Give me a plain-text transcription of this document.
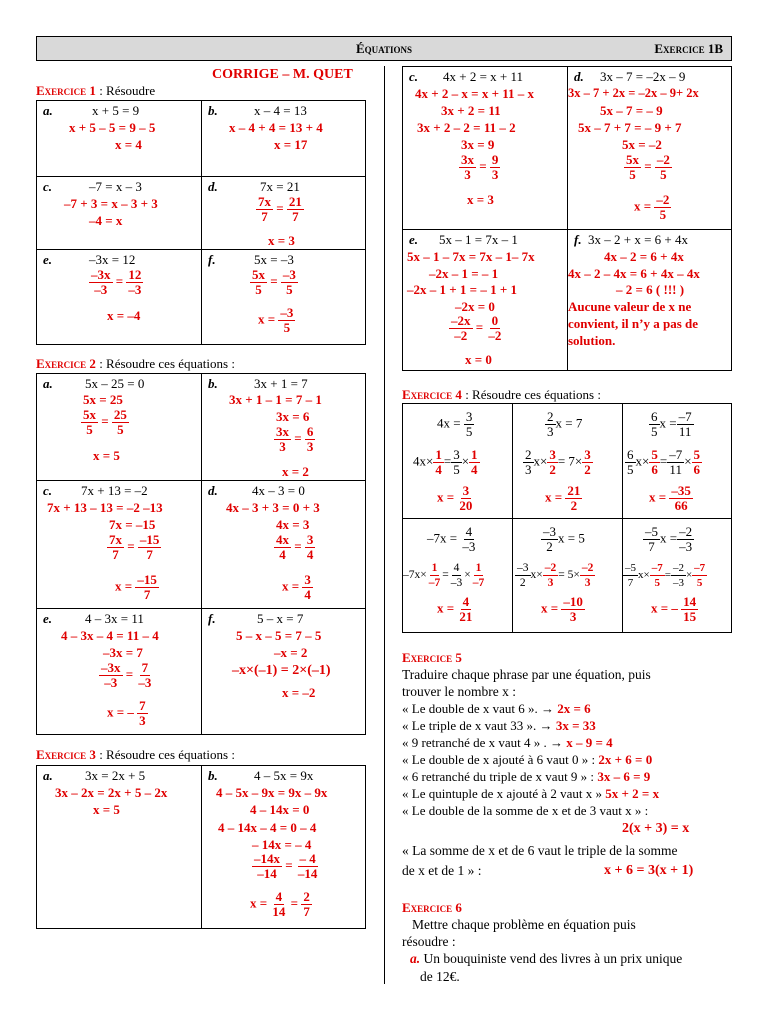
Équations	Exercice 1B
CORRIGE – M. QUET
Exercice 1 : Résoudre
a.	x + 5 = 9
x + 5 – 5 = 9 – 5
x = 4
b.	x – 4 = 13
x – 4 + 4 = 13 + 4
x = 17
c.	–7 = x – 3
–7 + 3 = x – 3 + 3
–4 = x
d.	7x = 21
$\frac{7x}{7} = \frac{21}{7}$
x = 3
e.	–3x = 12
$\frac{-3x}{-3} = \frac{12}{-3}$
x = –4
f.	5x = –3
$\frac{5x}{5} = \frac{-3}{5}$
$x = \frac{-3}{5}$
Exercice 2 : Résoudre ces équations :
a. 5x – 25 = 0
5x = 25
$\frac{5x}{5} = \frac{25}{5}$
x = 5
b.	3x + 1 = 7
3x + 1 – 1 = 7 – 1
3x = 6
$\frac{3x}{3} = \frac{6}{3}$
x = 2
c. 7x + 13 = –2
7x + 13 – 13 = –2 –13
7x = –15
$\frac{7x}{7} = \frac{-15}{7}$
$x = \frac{-15}{7}$
d.	4x – 3 = 0
4x – 3 + 3 = 0 + 3
4x = 3
$\frac{4x}{4} = \frac{3}{4}$
$x = \frac{3}{4}$
e.	4 – 3x = 11
4 – 3x – 4 = 11 – 4
–3x = 7
$\frac{-3x}{-3} = \frac{7}{-3}$
x = – $\frac{7}{3}$
f.	5 – x = 7
5 – x – 5 = 7 – 5
–x = 2
–x×(–1) = 2×(–1)
x = –2
Exercice 3 : Résoudre ces équations :
a. 3x = 2x + 5
3x – 2x = 2x + 5 – 2x
x = 5
b.	4 – 5x = 9x
4 – 5x – 9x = 9x – 9x
4 – 14x = 0
4 – 14x – 4 = 0 – 4
– 14x = – 4
$\frac{-14x}{-14} = \frac{- 4}{-14}$
$x = \frac{4}{14} = \frac{2}{7}$
c. 4x + 2 = x + 11
4x + 2 – x = x + 11 – x
3x + 2 = 11
3x + 2 – 2 = 11 – 2
3x = 9
$\frac{3x}{3} = \frac{9}{3}$
x = 3
d. 3x – 7 = –2x – 9
3x – 7 + 2x = –2x – 9+ 2x
5x – 7 = – 9
5x – 7 + 7 = – 9 + 7
5x = –2
$\frac{5x}{5} = \frac{-2}{5}$
$x = \frac{-2}{5}$
e. 5x – 1 = 7x – 1
5x – 1 – 7x = 7x – 1– 7x
–2x – 1 = – 1
–2x – 1 + 1 = – 1 + 1
–2x = 0
$\frac{-2x}{-2} = \frac{0}{-2}$
x = 0
f. 3x – 2 + x = 6 + 4x
4x – 2 = 6 + 4x
4x – 2 – 4x = 6 + 4x – 4x
– 2 = 6 ( !!! )
Aucune valeur de x ne
convient, il n’y a pas de
solution.
Exercice 4 : Résoudre ces équations :
$4x = \frac{3}{5}$
$4x\times \frac{1}{4} = \frac{3}{5} \times \frac{1}{4}$
$x = \frac{3}{20}$
$\frac{2}{3}$ x = 7
$\frac{2}{3} x\times \frac{3}{2} = 7\times \frac{3}{2}$
$x = \frac{21}{2}$
$\frac{6}{5}$ $x = \frac{-7}{11}$
$\frac{6}{5} x\times \frac{5}{6} = \frac{-7}{11} \times \frac{5}{6}$
$x = \frac{-35}{66}$
$-7x = \frac{4}{-3}$
$-7x\times \frac{1}{-7} = \frac{4}{-3} \times \frac{1}{-7}$
$x = \frac{4}{21}$
$\frac{-3}{2}$ x = 5
$\frac{-3}{2} x\times \frac{-2}{3} = 5\times \frac{-2}{3}$
$x = \frac{-10}{3}$
$\frac{-5}{7}$ $x = \frac{-2}{-3}$
$\frac{-5}{7} x\times \frac{-7}{5} = \frac{-2}{-3} \times \frac{-7}{5}$
x = – $\frac{14}{15}$
Exercice 5
Traduire chaque phrase par une équation, puis
trouver le nombre x :
« Le double de x vaut 6 ». → 2x = 6
« Le triple de x vaut 33 ». → 3x = 33
« 9 retranché de x vaut 4 » . → x – 9 = 4
« Le double de x ajouté à 6 vaut 0 » : 2x + 6 = 0
« 6 retranché du triple de x vaut 9 » : 3x – 6 = 9
« Le quintuple de x ajouté à 2 vaut x » 5x + 2 = x
« Le double de la somme de x et de 3 vaut x » :
2(x + 3) = x
« La somme de x et de 6 vaut le triple de la somme
de x et de 1 » :	x + 6 = 3(x + 1)
Exercice 6
Mettre chaque problème en équation puis
résoudre :
a. Un bouquiniste vend des livres à un prix unique
de 12€.
